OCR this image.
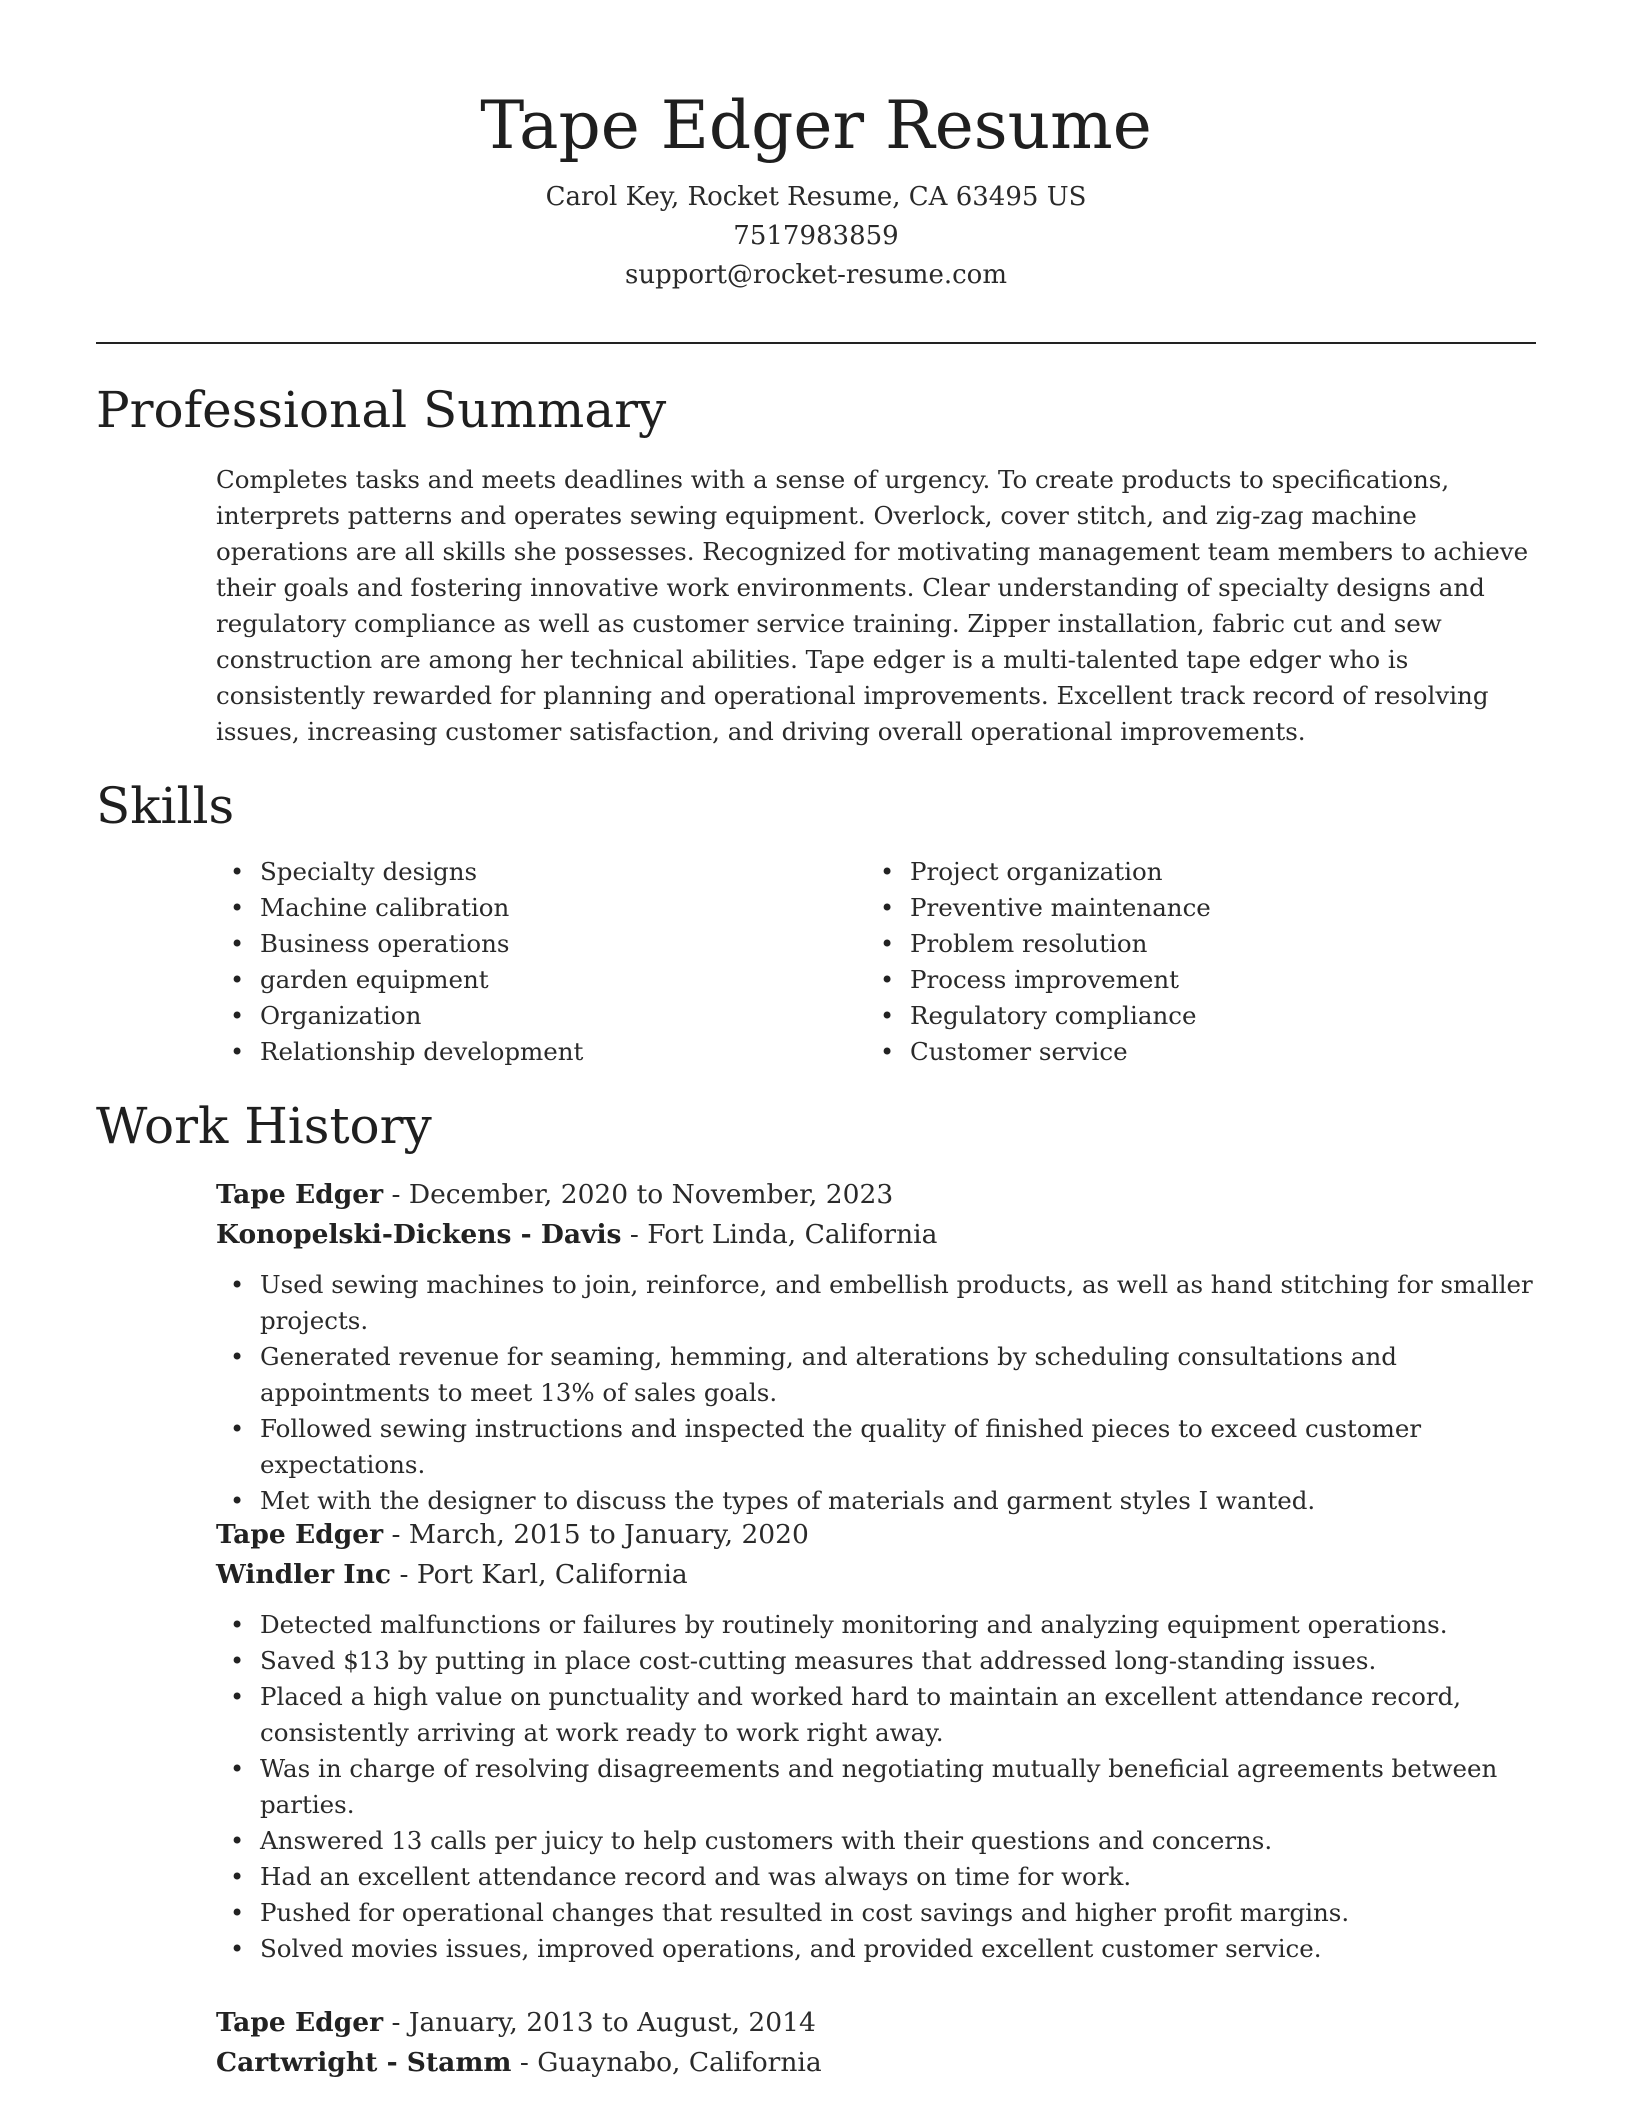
Tape Edger Resume
Carol Key, Rocket Resume, CA 63495 US
7517983859
support@rocket-resume.com
Professional Summary

Completes tasks and meets deadlines with a sense of urgency. To create products to specifications, interprets patterns and operates sewing equipment. Overlock, cover stitch, and zig-zag machine operations are all skills she possesses. Recognized for motivating management team members to achieve their goals and fostering innovative work environments. Clear understanding of specialty designs and regulatory compliance as well as customer service training. Zipper installation, fabric cut and sew construction are among her technical abilities. Tape edger is a multi-talented tape edger who is consistently rewarded for planning and operational improvements. Excellent track record of resolving issues, increasing customer satisfaction, and driving overall operational improvements.

Skills
• Specialty designs
• Machine calibration
• Business operations
• garden equipment
• Organization
• Relationship development
• Project organization
• Preventive maintenance
• Problem resolution
• Process improvement
• Regulatory compliance
• Customer service
Work History
Tape Edger - December, 2020 to November, 2023
Konopelski-Dickens - Davis - Fort Linda, California
• Used sewing machines to join, reinforce, and embellish products, as well as hand stitching for smaller projects.
• Generated revenue for seaming, hemming, and alterations by scheduling consultations and appointments to meet 13% of sales goals.
• Followed sewing instructions and inspected the quality of finished pieces to exceed customer expectations.
• Met with the designer to discuss the types of materials and garment styles I wanted.
Tape Edger - March, 2015 to January, 2020
Windler Inc - Port Karl, California
• Detected malfunctions or failures by routinely monitoring and analyzing equipment operations.
• Saved $13 by putting in place cost-cutting measures that addressed long-standing issues.
• Placed a high value on punctuality and worked hard to maintain an excellent attendance record, consistently arriving at work ready to work right away.
• Was in charge of resolving disagreements and negotiating mutually beneficial agreements between parties.
• Answered 13 calls per juicy to help customers with their questions and concerns.
• Had an excellent attendance record and was always on time for work.
• Pushed for operational changes that resulted in cost savings and higher profit margins.
• Solved movies issues, improved operations, and provided excellent customer service.
Tape Edger - January, 2013 to August, 2014
Cartwright - Stamm - Guaynabo, California
